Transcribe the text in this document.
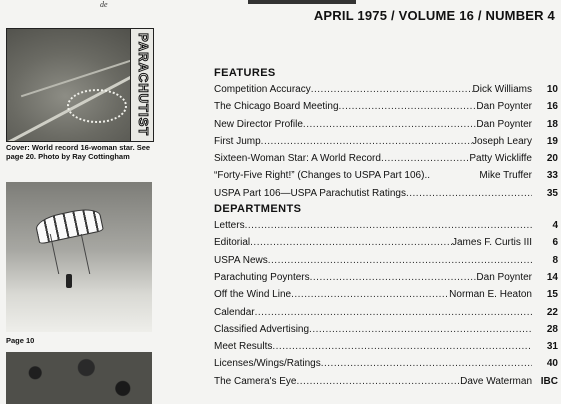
de
APRIL 1975 / VOLUME 16 / NUMBER 4
PARACHUTIST
Cover: World record 16-woman star. See page 20. Photo by Ray Cottingham
Page 10
FEATURES
Competition Accuracy .....	Dick Williams	10
The Chicago Board Meeting .....	Dan Poynter	16
New Director Profile .....	Dan Poynter	18
First Jump .....	Joseph Leary	19
Sixteen-Woman Star: A World Record .....	Patty Wickliffe	20
“Forty-Five Right!” (Changes to USPA Part 106)..	Mike Truffer	33
USPA Part 106—USPA Parachutist Ratings .....	35
DEPARTMENTS
Letters .....	4
Editorial .....	James F. Curtis III	6
USPA News .....	8
Parachuting Poynters .....	Dan Poynter	14
Off the Wind Line .....	Norman E. Heaton	15
Calendar .....	22
Classified Advertising .....	28
Meet Results .....	31
Licenses/Wings/Ratings .....	40
The Camera's Eye .....	Dave Waterman IBC
